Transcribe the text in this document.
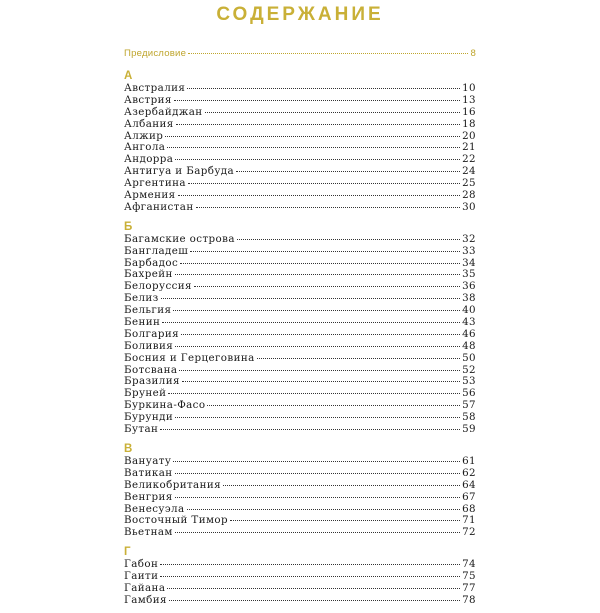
СОДЕРЖАНИЕ
Предисловие	8
А
Австралия	10
Австрия	13
Азербайджан	16
Албания	18
Алжир	20
Ангола	21
Андорра	22
Антигуа и Барбуда	24
Аргентина	25
Армения	28
Афганистан	30
Б
Багамские острова	32
Бангладеш	33
Барбадос	34
Бахрейн	35
Белоруссия	36
Белиз	38
Бельгия	40
Бенин	43
Болгария	46
Боливия	48
Босния и Герцеговина	50
Ботсвана	52
Бразилия	53
Бруней	56
Буркина-Фасо	57
Бурунди	58
Бутан	59
В
Вануату	61
Ватикан	62
Великобритания	64
Венгрия	67
Венесуэла	68
Восточный Тимор	71
Вьетнам	72
Г
Габон	74
Гаити	75
Гайана	77
Гамбия	78
